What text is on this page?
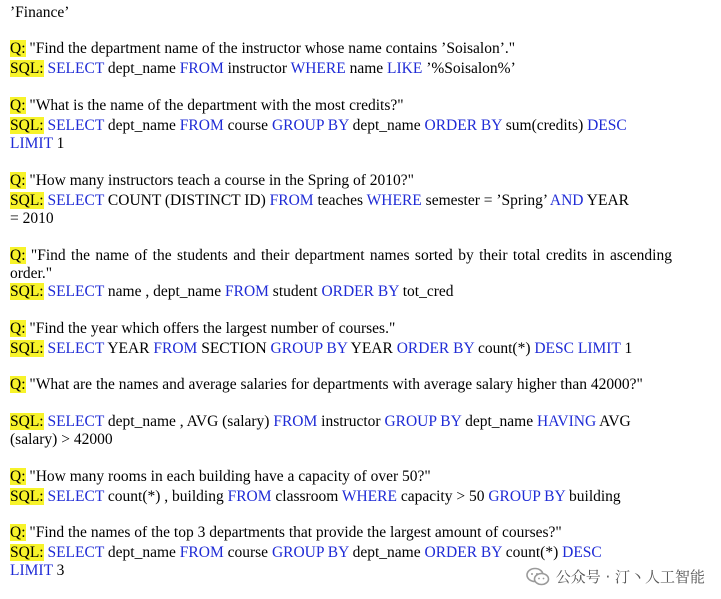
’Finance’
Q: "Find the department name of the instructor whose name contains ’Soisalon’."
SQL: SELECT dept_name FROM instructor WHERE name LIKE ’%Soisalon%’
Q: "What is the name of the department with the most credits?"
SQL: SELECT dept_name FROM course GROUP BY dept_name ORDER BY sum(credits) DESC
LIMIT 1
Q: "How many instructors teach a course in the Spring of 2010?"
SQL: SELECT COUNT (DISTINCT ID) FROM teaches WHERE semester = ’Spring’ AND YEAR
= 2010
Q: "Find the name of the students and their department names sorted by their total credits in ascending order."
SQL: SELECT name , dept_name FROM student ORDER BY tot_cred
Q: "Find the year which offers the largest number of courses."
SQL: SELECT YEAR FROM SECTION GROUP BY YEAR ORDER BY count(*) DESC LIMIT 1
Q: "What are the names and average salaries for departments with average salary higher than 42000?"
SQL: SELECT dept_name , AVG (salary) FROM instructor GROUP BY dept_name HAVING AVG
(salary) > 42000
Q: "How many rooms in each building have a capacity of over 50?"
SQL: SELECT count(*) , building FROM classroom WHERE capacity > 50 GROUP BY building
Q: "Find the names of the top 3 departments that provide the largest amount of courses?"
SQL: SELECT dept_name FROM course GROUP BY dept_name ORDER BY count(*) DESC
LIMIT 3	公众号 · 汀丶人工智能
